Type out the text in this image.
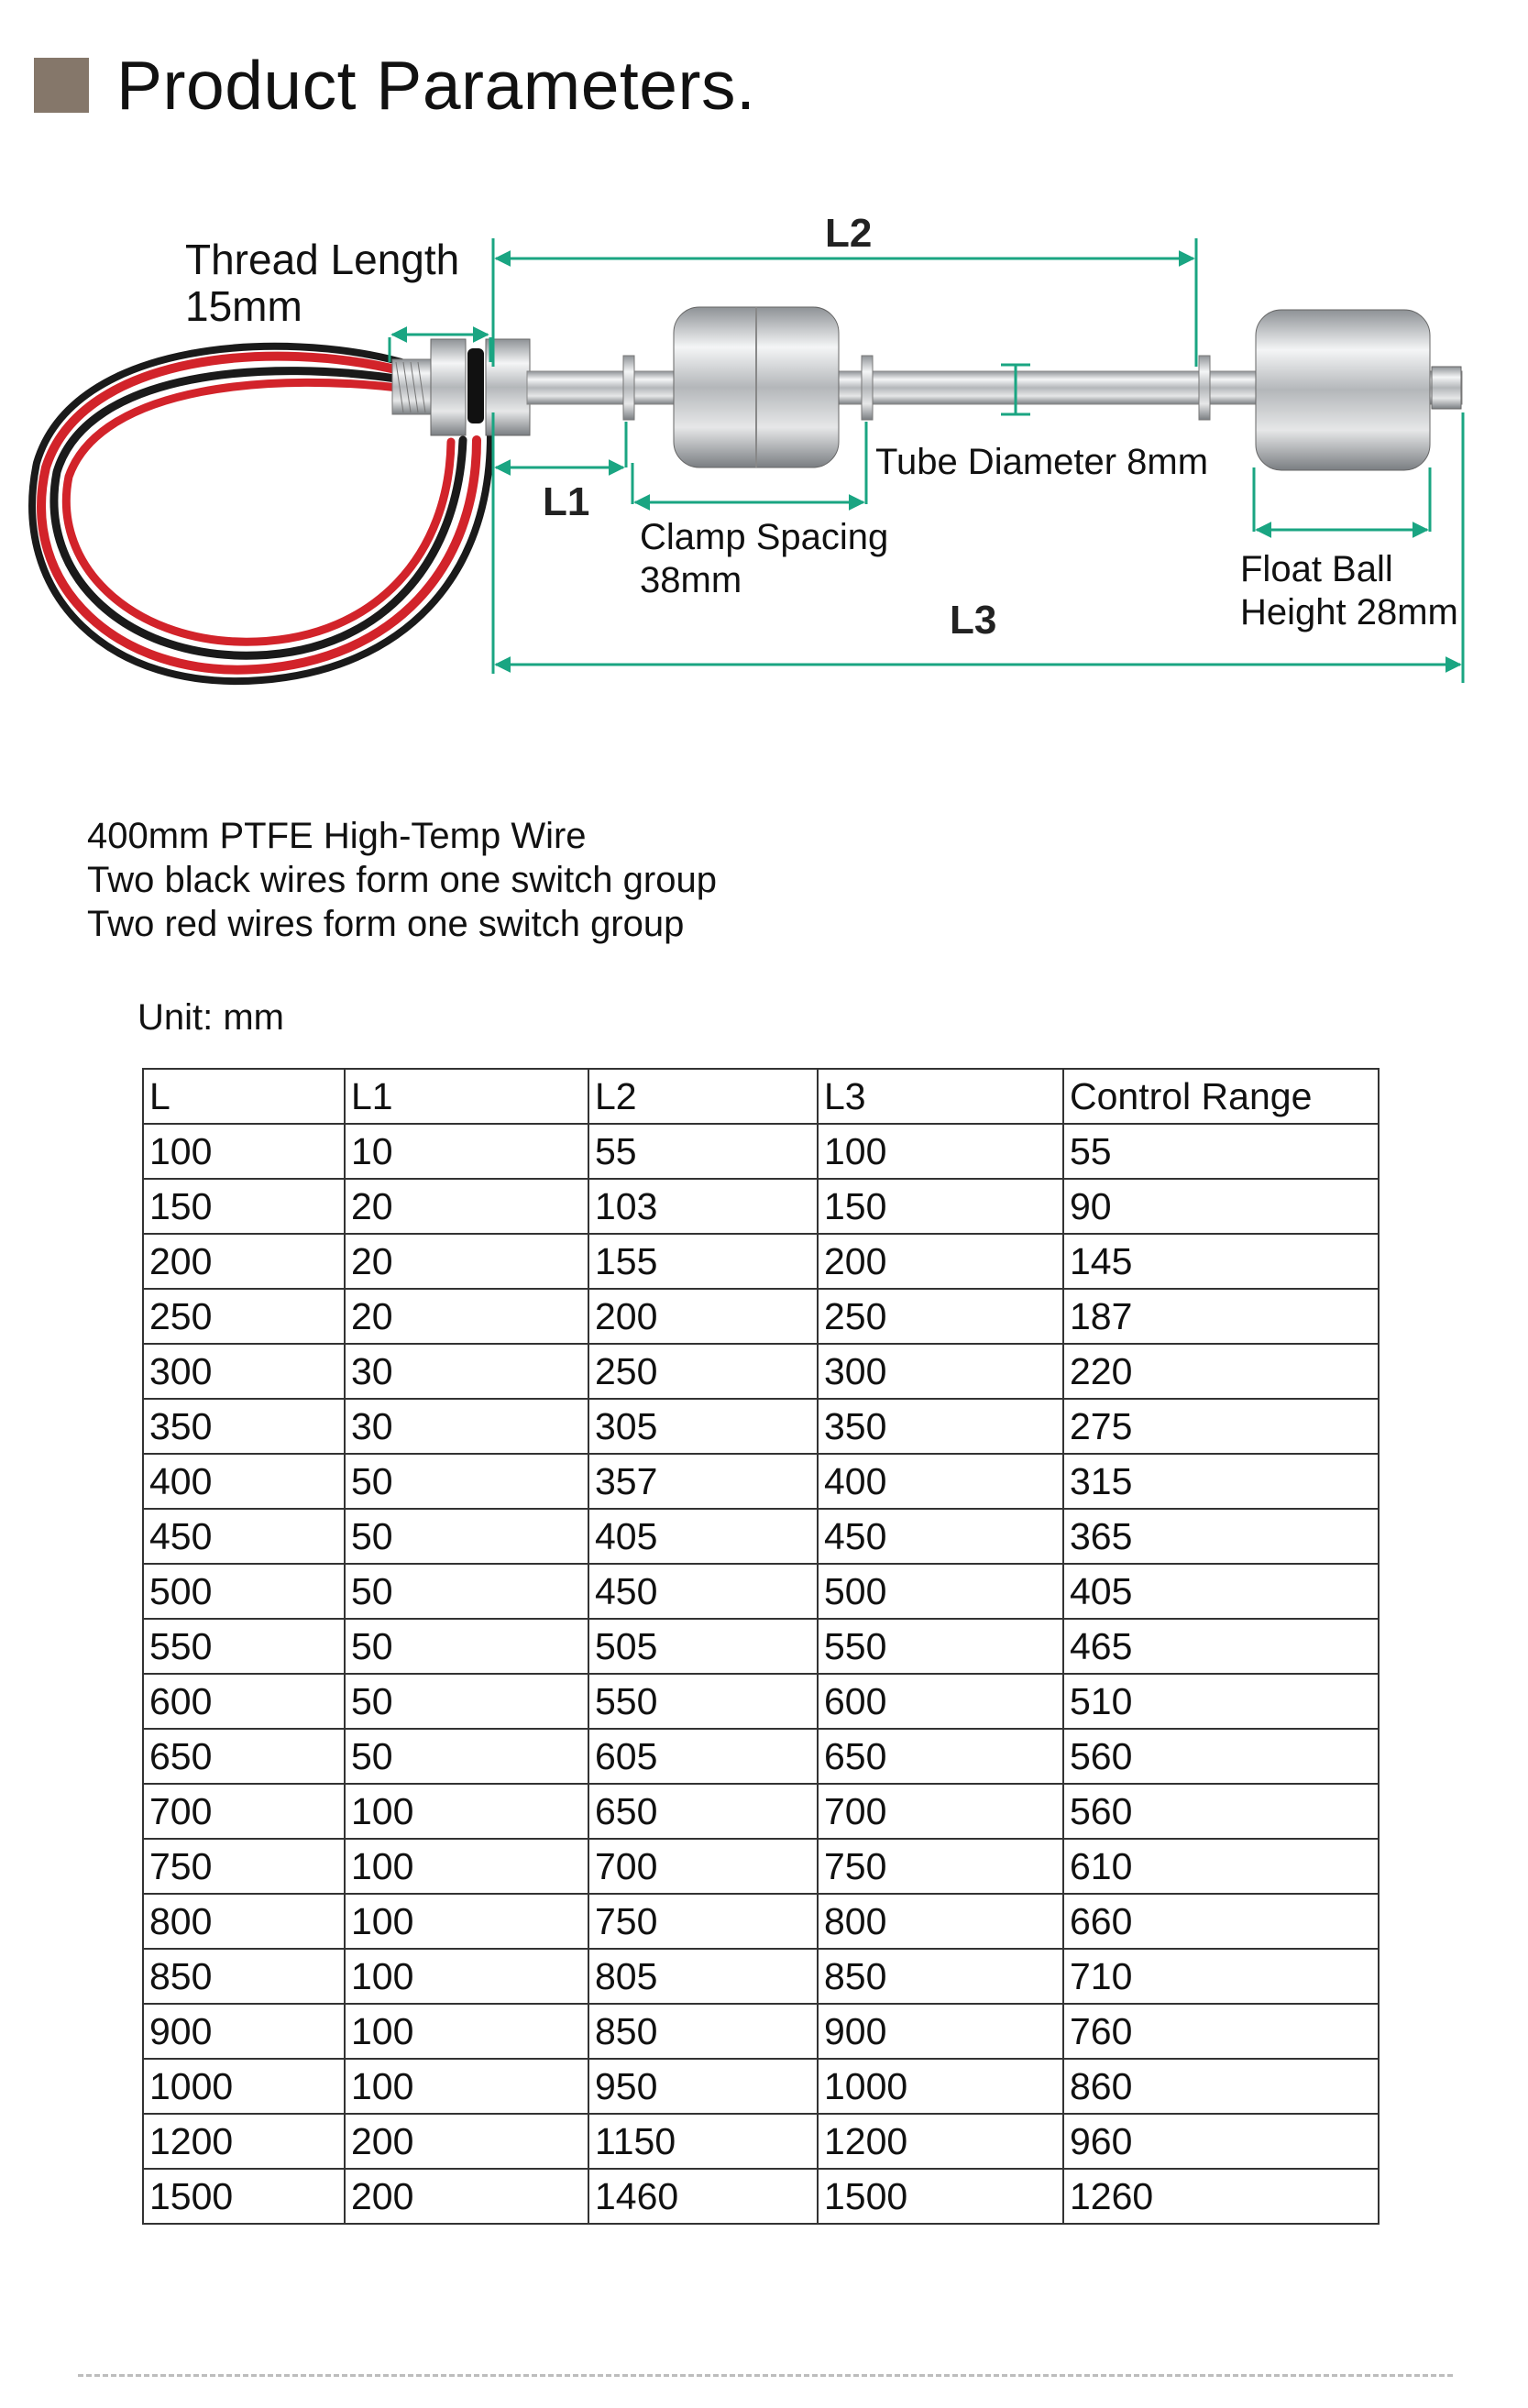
Product Parameters.
Thread Length
15mm
L2
L1
L3
Tube Diameter 8mm
Clamp Spacing
38mm	Float Ball
Height 28mm
400mm PTFE High-Temp Wire
Two black wires form one switch group
Two red wires form one switch group
Unit: mm
L	L1	L2	L3	Control Range
100	10	55	100	55
150	20	103	150	90
200	20	155	200	145
250	20	200	250	187
300	30	250	300	220
350	30	305	350	275
400	50	357	400	315
450	50	405	450	365
500	50	450	500	405
550	50	505	550	465
600	50	550	600	510
650	50	605	650	560
700	100	650	700	560
750	100	700	750	610
800	100	750	800	660
850	100	805	850	710
900	100	850	900	760
1000	100	950	1000	860
1200	200	1150	1200	960
1500	200	1460	1500	1260
